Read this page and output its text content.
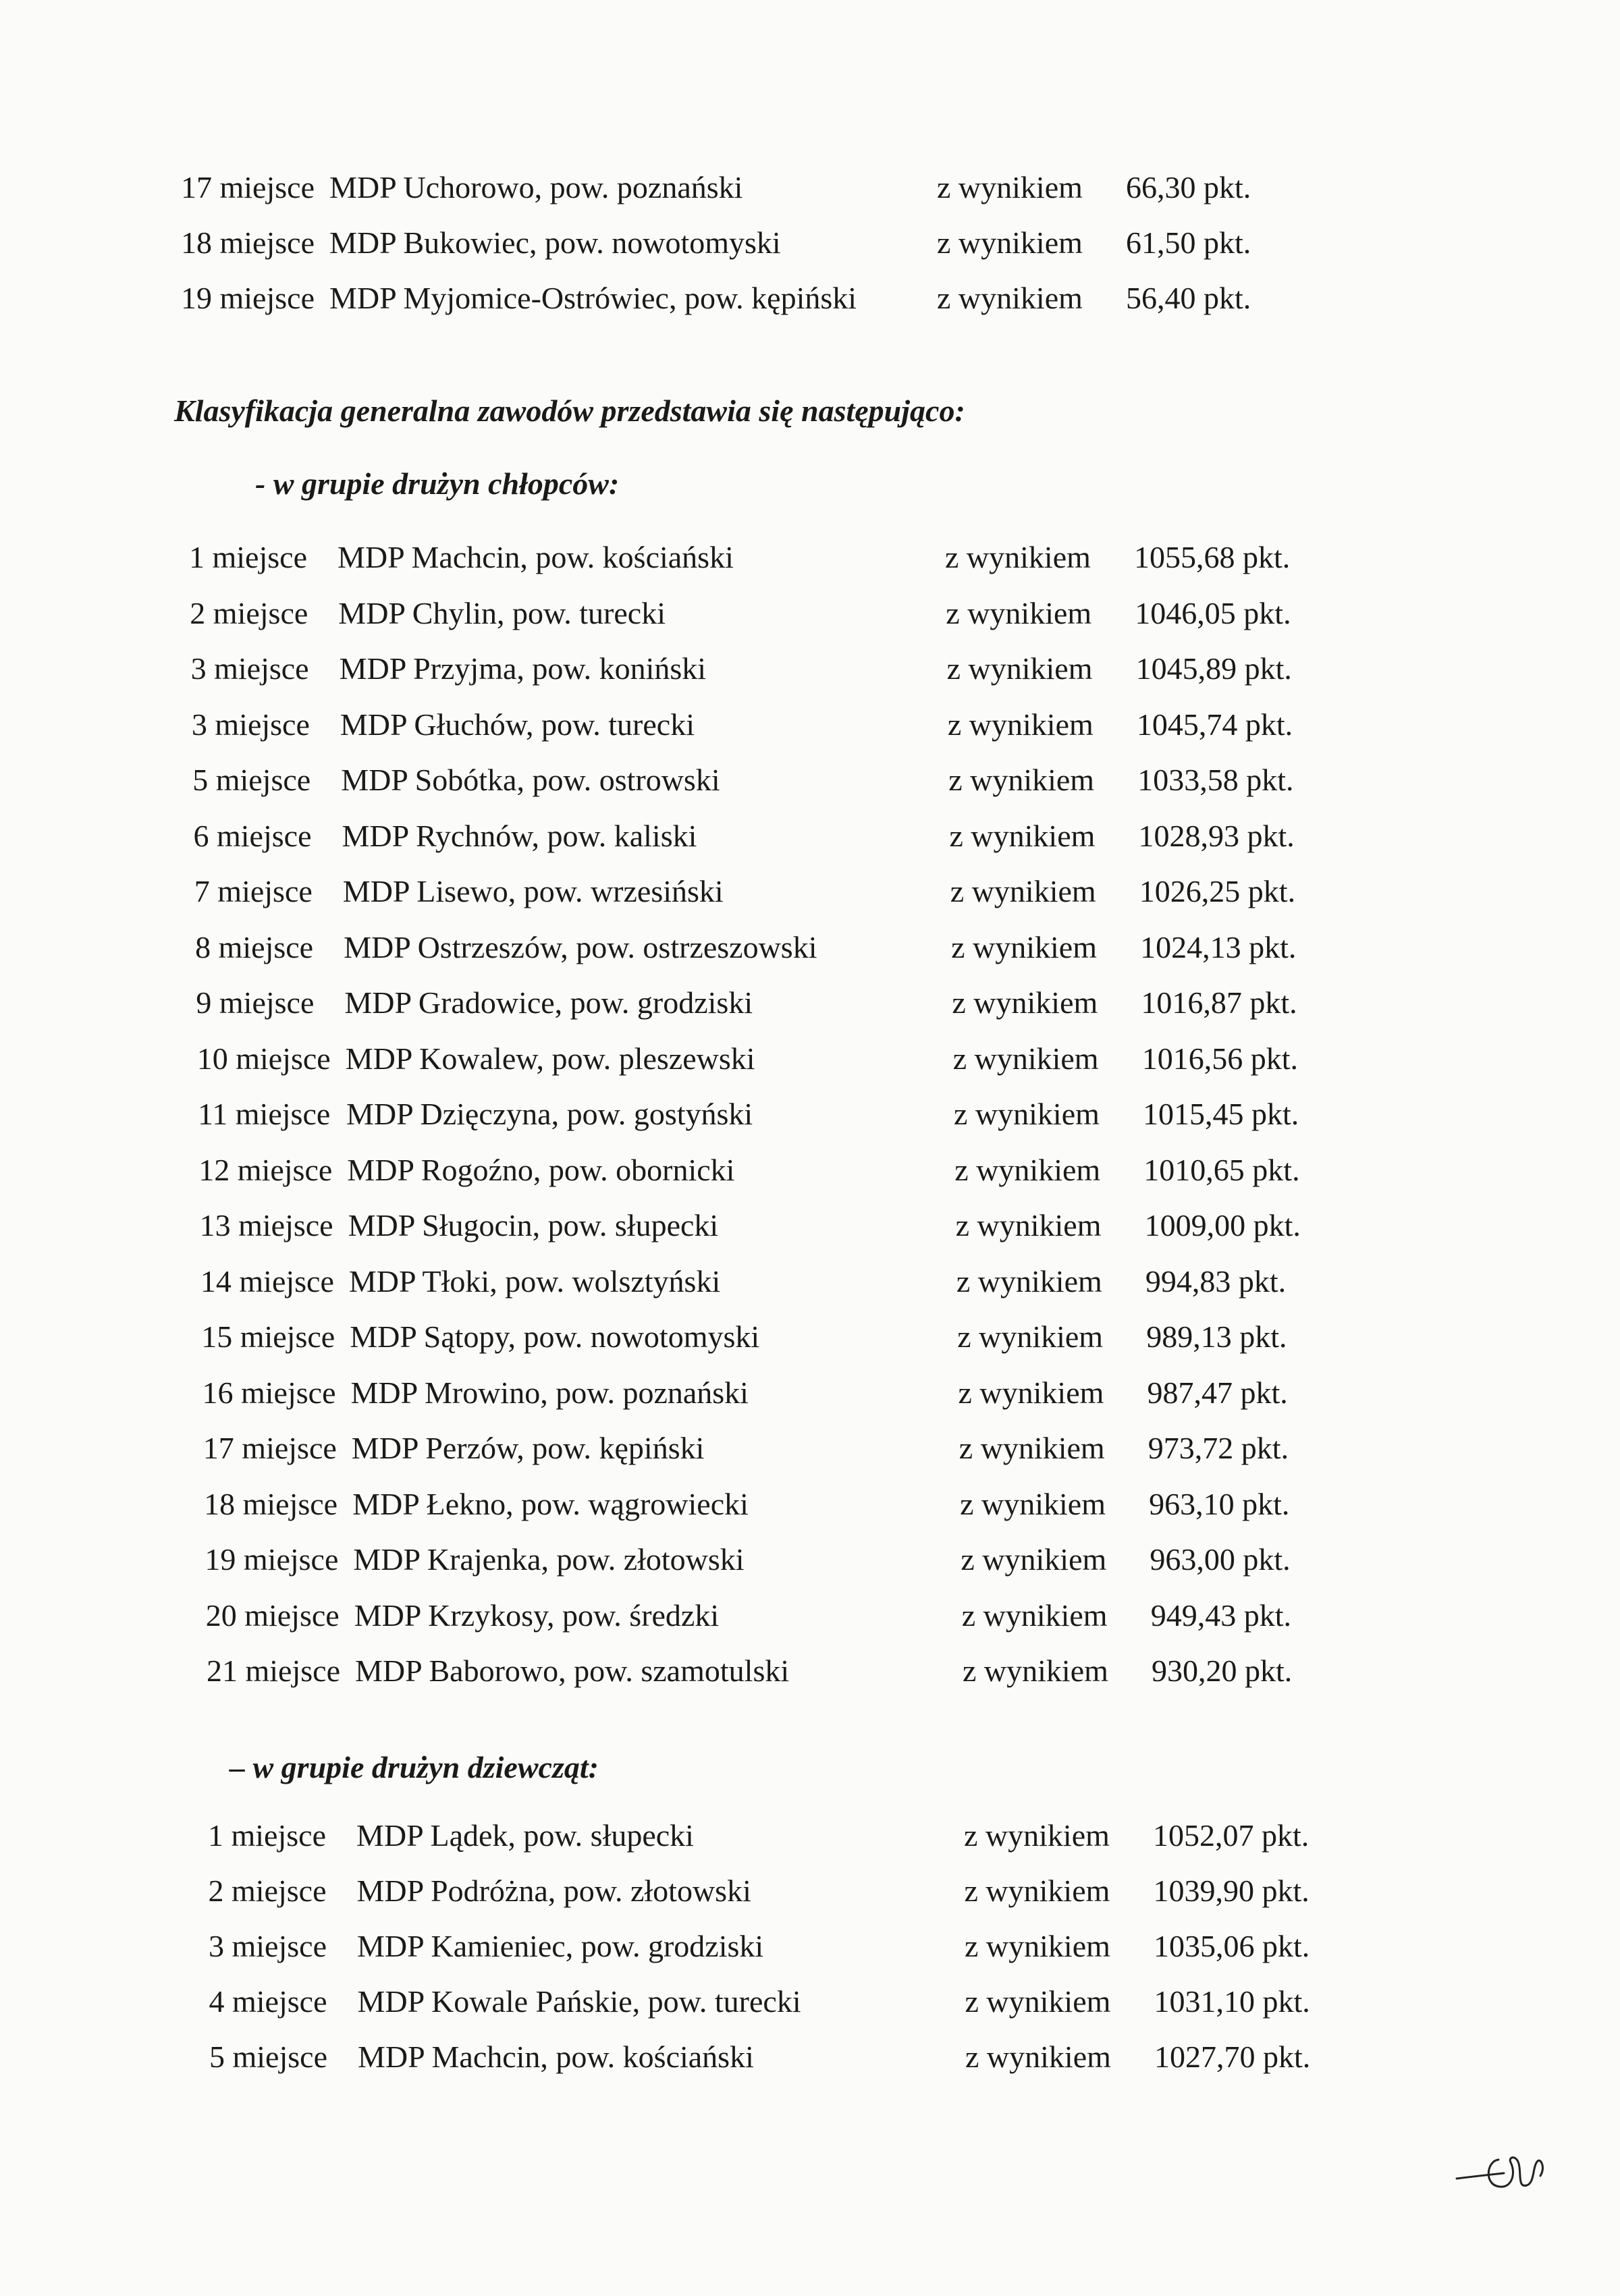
17 miejsce MDP Uchorowo, pow. poznański	z wynikiem	66,30 pkt.
18 miejsce MDP Bukowiec, pow. nowotomyski	z wynikiem	61,50 pkt.
19 miejsce MDP Myjomice-Ostrówiec, pow. kępiński	z wynikiem	56,40 pkt.
Klasyfikacja generalna zawodów przedstawia się następująco:
- w grupie drużyn chłopców:
1 miejsce MDP Machcin, pow. kościański	z wynikiem	1055,68 pkt.
2 miejsce MDP Chylin, pow. turecki	z wynikiem	1046,05 pkt.
3 miejsce MDP Przyjma, pow. koniński	z wynikiem	1045,89 pkt.
3 miejsce MDP Głuchów, pow. turecki	z wynikiem	1045,74 pkt.
5 miejsce MDP Sobótka, pow. ostrowski	z wynikiem	1033,58 pkt.
6 miejsce MDP Rychnów, pow. kaliski	z wynikiem	1028,93 pkt.
7 miejsce MDP Lisewo, pow. wrzesiński	z wynikiem	1026,25 pkt.
8 miejsce MDP Ostrzeszów, pow. ostrzeszowski	z wynikiem	1024,13 pkt.
9 miejsce MDP Gradowice, pow. grodziski	z wynikiem	1016,87 pkt.
10 miejsce MDP Kowalew, pow. pleszewski	z wynikiem	1016,56 pkt.
11 miejsce MDP Dzięczyna, pow. gostyński	z wynikiem	1015,45 pkt.
12 miejsce MDP Rogoźno, pow. obornicki	z wynikiem	1010,65 pkt.
13 miejsce MDP Sługocin, pow. słupecki	z wynikiem	1009,00 pkt.
14 miejsce MDP Tłoki, pow. wolsztyński	z wynikiem	994,83 pkt.
15 miejsce MDP Sątopy, pow. nowotomyski	z wynikiem	989,13 pkt.
16 miejsce MDP Mrowino, pow. poznański	z wynikiem	987,47 pkt.
17 miejsce MDP Perzów, pow. kępiński	z wynikiem	973,72 pkt.
18 miejsce MDP Łekno, pow. wągrowiecki	z wynikiem	963,10 pkt.
19 miejsce MDP Krajenka, pow. złotowski	z wynikiem	963,00 pkt.
20 miejsce MDP Krzykosy, pow. średzki	z wynikiem	949,43 pkt.
21 miejsce MDP Baborowo, pow. szamotulski	z wynikiem	930,20 pkt.
– w grupie drużyn dziewcząt:
1 miejsce MDP Lądek, pow. słupecki	z wynikiem	1052,07 pkt.
2 miejsce MDP Podróżna, pow. złotowski	z wynikiem	1039,90 pkt.
3 miejsce MDP Kamieniec, pow. grodziski	z wynikiem	1035,06 pkt.
4 miejsce MDP Kowale Pańskie, pow. turecki	z wynikiem	1031,10 pkt.
5 miejsce MDP Machcin, pow. kościański	z wynikiem	1027,70 pkt.
